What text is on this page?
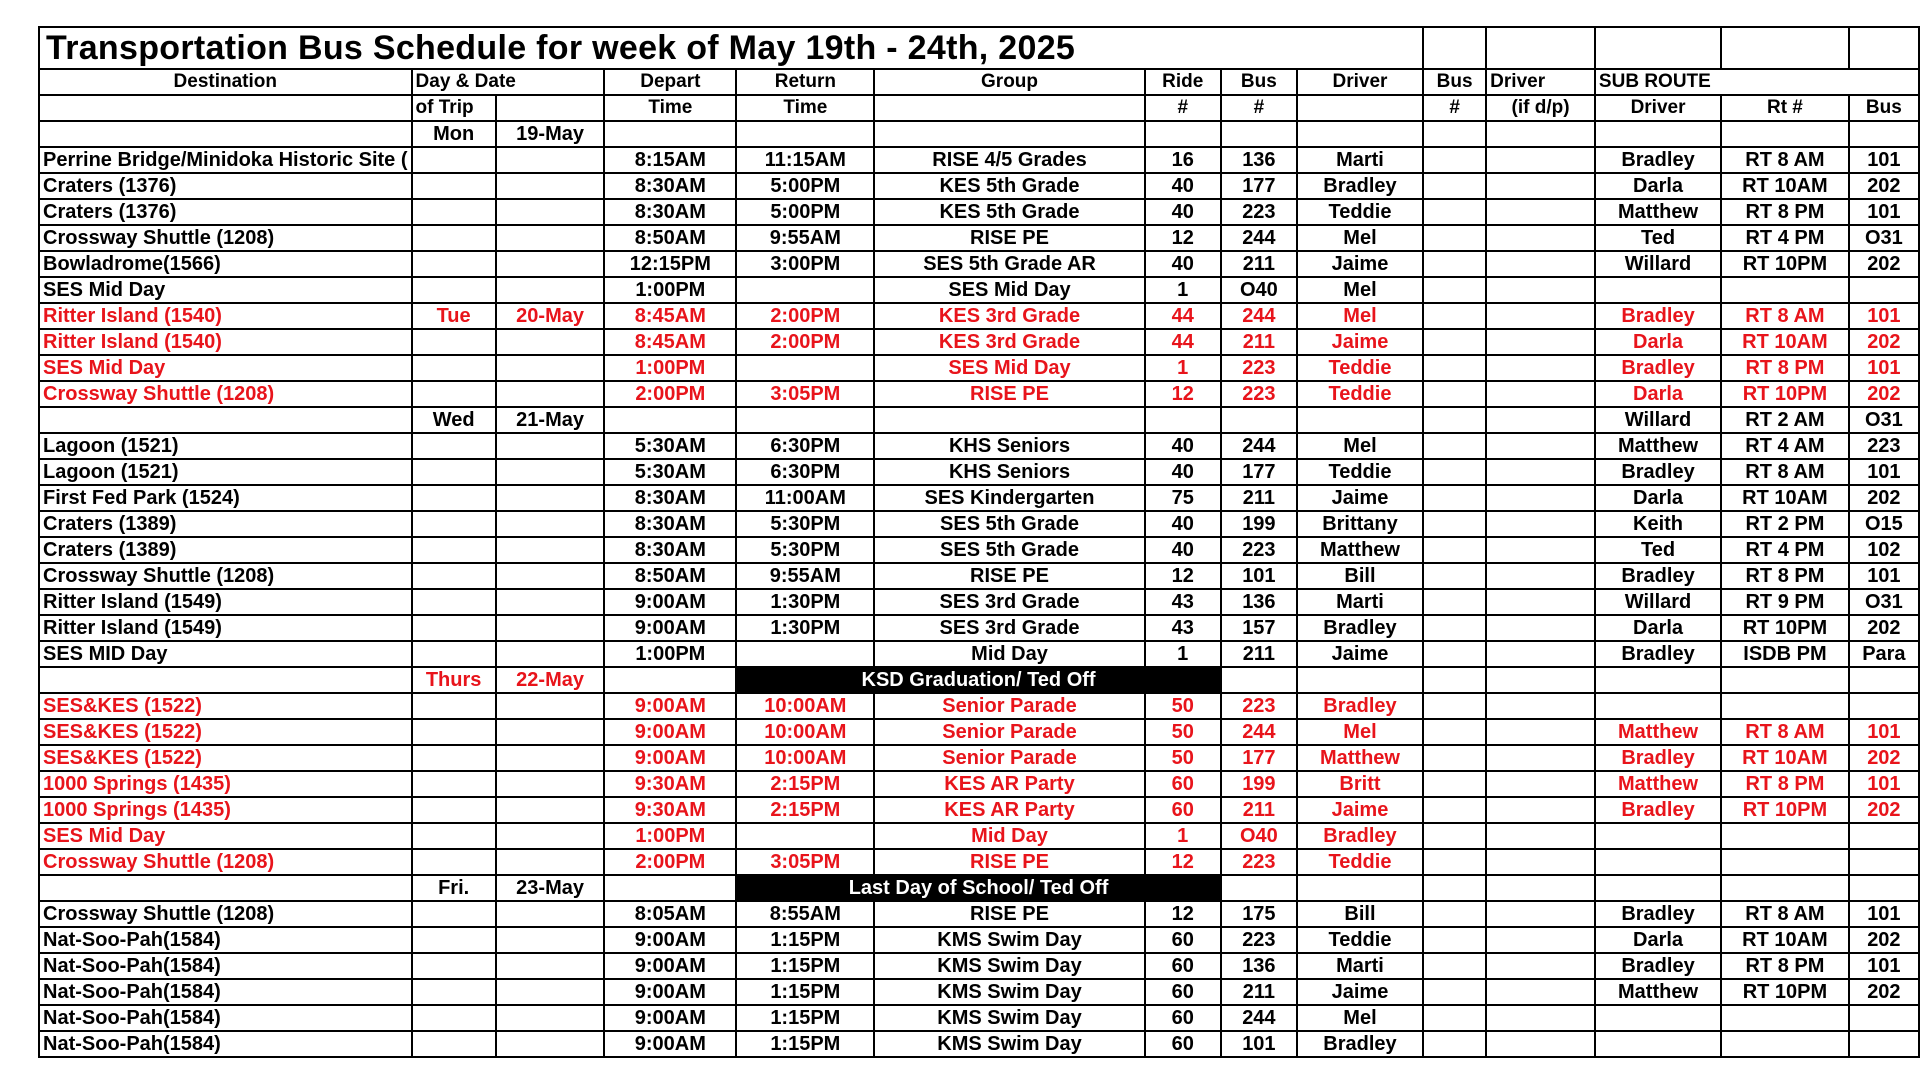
Transportation Bus Schedule for week of May 19th - 24th, 2025													
Destination	Day & Date		Depart	Return	Group	Ride	Bus	Driver	Bus	Driver	SUB ROUTE		
	of Trip		Time	Time		#	#		#	(if d/p)	Driver	Rt #	Bus
	Mon	19-May											
Perrine Bridge/Minidoka Historic Site (			8:15AM	11:15AM	RISE 4/5 Grades	16	136	Marti			Bradley	RT 8 AM	101
Craters (1376)			8:30AM	5:00PM	KES 5th Grade	40	177	Bradley			Darla	RT 10AM	202
Craters (1376)			8:30AM	5:00PM	KES 5th Grade	40	223	Teddie			Matthew	RT 8 PM	101
Crossway Shuttle (1208)			8:50AM	9:55AM	RISE PE	12	244	Mel			Ted	RT 4 PM	O31
Bowladrome(1566)			12:15PM	3:00PM	SES 5th Grade AR	40	211	Jaime			Willard	RT 10PM	202
SES Mid Day			1:00PM		SES Mid Day	1	O40	Mel					
Ritter Island (1540)	Tue	20-May	8:45AM	2:00PM	KES 3rd Grade	44	244	Mel			Bradley	RT 8 AM	101
Ritter Island (1540)			8:45AM	2:00PM	KES 3rd Grade	44	211	Jaime			Darla	RT 10AM	202
SES Mid Day			1:00PM		SES Mid Day	1	223	Teddie			Bradley	RT 8 PM	101
Crossway Shuttle (1208)			2:00PM	3:05PM	RISE PE	12	223	Teddie			Darla	RT 10PM	202
	Wed	21-May									Willard	RT 2 AM	O31
Lagoon (1521)			5:30AM	6:30PM	KHS Seniors	40	244	Mel			Matthew	RT 4 AM	223
Lagoon (1521)			5:30AM	6:30PM	KHS Seniors	40	177	Teddie			Bradley	RT 8 AM	101
First Fed Park (1524)			8:30AM	11:00AM	SES Kindergarten	75	211	Jaime			Darla	RT 10AM	202
Craters (1389)			8:30AM	5:30PM	SES 5th Grade	40	199	Brittany			Keith	RT 2 PM	O15
Craters (1389)			8:30AM	5:30PM	SES 5th Grade	40	223	Matthew			Ted	RT 4 PM	102
Crossway Shuttle (1208)			8:50AM	9:55AM	RISE PE	12	101	Bill			Bradley	RT 8 PM	101
Ritter Island (1549)			9:00AM	1:30PM	SES 3rd Grade	43	136	Marti			Willard	RT 9 PM	O31
Ritter Island (1549)			9:00AM	1:30PM	SES 3rd Grade	43	157	Bradley			Darla	RT 10PM	202
SES MID Day			1:00PM		Mid Day	1	211	Jaime			Bradley	ISDB PM	Para
	Thurs	22-May		KSD Graduation/ Ted Off									
SES&KES (1522)			9:00AM	10:00AM	Senior Parade	50	223	Bradley					
SES&KES (1522)			9:00AM	10:00AM	Senior Parade	50	244	Mel			Matthew	RT 8 AM	101
SES&KES (1522)			9:00AM	10:00AM	Senior Parade	50	177	Matthew			Bradley	RT 10AM	202
1000 Springs (1435)			9:30AM	2:15PM	KES AR Party	60	199	Britt			Matthew	RT 8 PM	101
1000 Springs (1435)			9:30AM	2:15PM	KES AR Party	60	211	Jaime			Bradley	RT 10PM	202
SES Mid Day			1:00PM		Mid Day	1	O40	Bradley					
Crossway Shuttle (1208)			2:00PM	3:05PM	RISE PE	12	223	Teddie					
	Fri.	23-May		Last Day of School/ Ted Off									
Crossway Shuttle (1208)			8:05AM	8:55AM	RISE PE	12	175	Bill			Bradley	RT 8 AM	101
Nat-Soo-Pah(1584)			9:00AM	1:15PM	KMS Swim Day	60	223	Teddie			Darla	RT 10AM	202
Nat-Soo-Pah(1584)			9:00AM	1:15PM	KMS Swim Day	60	136	Marti			Bradley	RT 8 PM	101
Nat-Soo-Pah(1584)			9:00AM	1:15PM	KMS Swim Day	60	211	Jaime			Matthew	RT 10PM	202
Nat-Soo-Pah(1584)			9:00AM	1:15PM	KMS Swim Day	60	244	Mel					
Nat-Soo-Pah(1584)			9:00AM	1:15PM	KMS Swim Day	60	101	Bradley					
